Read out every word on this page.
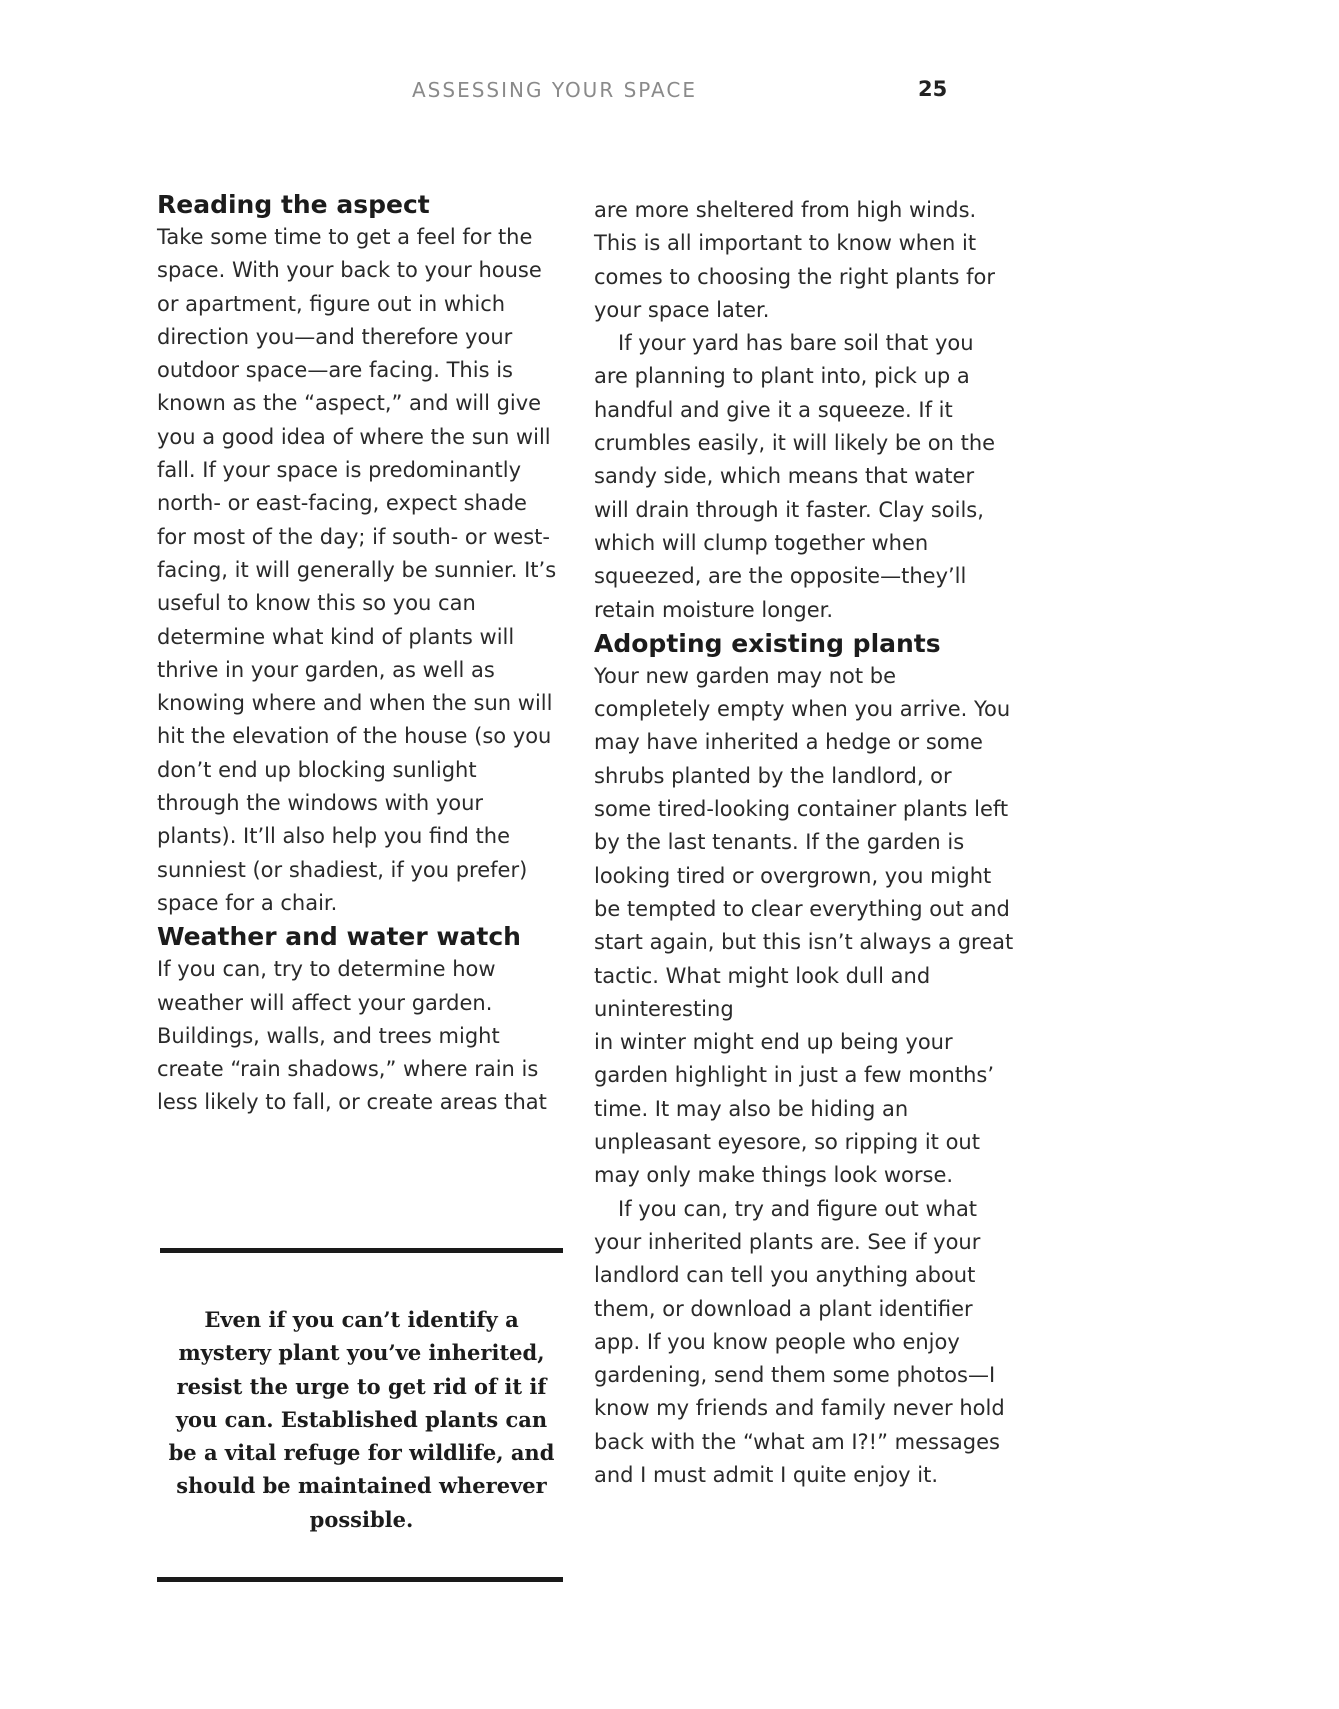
ASSESSING YOUR SPACE	25
Reading the aspect

Take some time to get a feel for the space. With your back to your house or apartment, figure out in which direction you—and therefore your outdoor space—are facing. This is known as the “aspect,” and will give you a good idea of where the sun will fall. If your space is predominantly north- or east-facing, expect shade for most of the day; if south- or west-facing, it will generally be sunnier. It’s useful to know this so you can determine what kind of plants will thrive in your garden, as well as knowing where and when the sun will hit the elevation of the house (so you don’t end up blocking sunlight through the windows with your plants). It’ll also help you find the sunniest (or shadiest, if you prefer) space for a chair.

Weather and water watch

If you can, try to determine how weather will affect your garden. Buildings, walls, and trees might create “rain shadows,” where rain is less likely to fall, or create areas that

Even if you can’t identify a mystery plant you’ve inherited, resist the urge to get rid of it if you can. Established plants can be a vital refuge for wildlife, and should be maintained wherever possible.

are more sheltered from high winds. This is all important to know when it comes to choosing the right plants for your space later.

If your yard has bare soil that you are planning to plant into, pick up a handful and give it a squeeze. If it crumbles easily, it will likely be on the sandy side, which means that water will drain through it faster. Clay soils, which will clump together when squeezed, are the opposite—they’ll retain moisture longer.

Adopting existing plants

Your new garden may not be completely empty when you arrive. You may have inherited a hedge or some shrubs planted by the landlord, or some tired-looking container plants left by the last tenants. If the garden is looking tired or overgrown, you might be tempted to clear everything out and start again, but this isn’t always a great tactic. What might look dull and uninteresting

in winter might end up being your garden highlight in just a few months’ time. It may also be hiding an unpleasant eyesore, so ripping it out may only make things look worse.

If you can, try and figure out what your inherited plants are. See if your landlord can tell you anything about them, or download a plant identifier app. If you know people who enjoy gardening, send them some photos—I know my friends and family never hold back with the “what am I?!” messages and I must admit I quite enjoy it.
